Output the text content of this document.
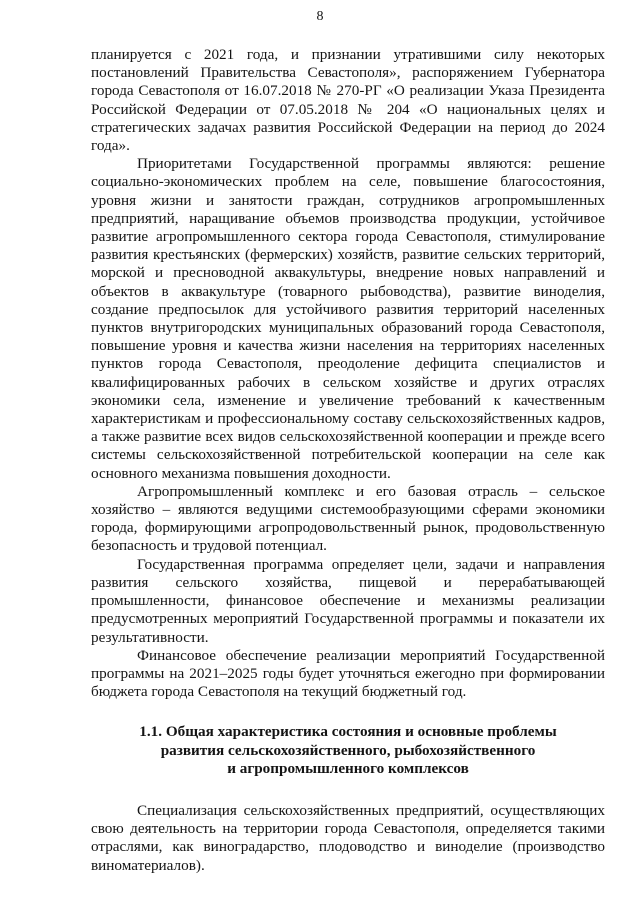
8

планируется с 2021 года, и признании утратившими силу некоторых постановлений Правительства Севастополя», распоряжением Губернатора города Севастополя от 16.07.2018 № 270-РГ «О реализации Указа Президента Российской Федерации от 07.05.2018 № 204 «О национальных целях и стратегических задачах развития Российской Федерации на период до 2024 года».

Приоритетами Государственной программы являются: решение социально-экономических проблем на селе, повышение благосостояния, уровня жизни и занятости граждан, сотрудников агропромышленных предприятий, наращивание объемов производства продукции, устойчивое развитие агропромышленного сектора города Севастополя, стимулирование развития крестьянских (фермерских) хозяйств, развитие сельских территорий, морской и пресноводной аквакультуры, внедрение новых направлений и объектов в аквакультуре (товарного рыбоводства), развитие виноделия, создание предпосылок для устойчивого развития территорий населенных пунктов внутригородских муниципальных образований города Севастополя, повышение уровня и качества жизни населения на территориях населенных пунктов города Севастополя, преодоление дефицита специалистов и квалифицированных рабочих в сельском хозяйстве и других отраслях экономики села, изменение и увеличение требований к качественным характеристикам и профессиональному составу сельскохозяйственных кадров, а также развитие всех видов сельскохозяйственной кооперации и прежде всего системы сельскохозяйственной потребительской кооперации на селе как основного механизма повышения доходности.

Агропромышленный комплекс и его базовая отрасль – сельское хозяйство – являются ведущими системообразующими сферами экономики города, формирующими агропродовольственный рынок, продовольственную безопасность и трудовой потенциал.

Государственная программа определяет цели, задачи и направления развития сельского хозяйства, пищевой и перерабатывающей промышленности, финансовое обеспечение и механизмы реализации предусмотренных мероприятий Государственной программы и показатели их результативности.

Финансовое обеспечение реализации мероприятий Государственной программы на 2021–2025 годы будет уточняться ежегодно при формировании бюджета города Севастополя на текущий бюджетный год.

1.1. Общая характеристика состояния и основные проблемы
развития сельскохозяйственного, рыбохозяйственного
и агропромышленного комплексов

Специализация сельскохозяйственных предприятий, осуществляющих свою деятельность на территории города Севастополя, определяется такими отраслями, как виноградарство, плодоводство и виноделие (производство виноматериалов).
